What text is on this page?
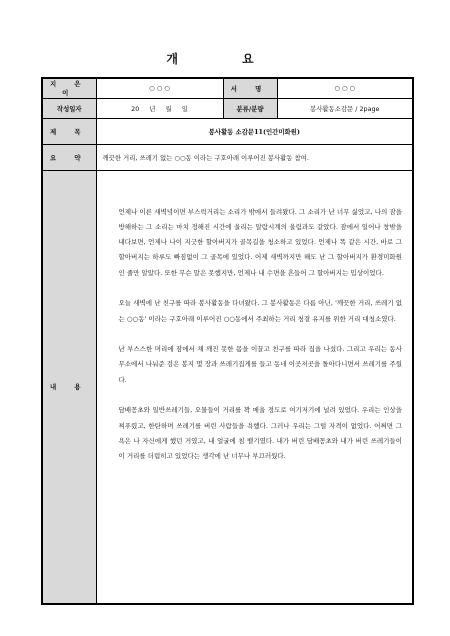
개 요
지 은 이	○ ○ ○	서 명	○ ○ ○
작성일자	20 년 월 일	분류/분량	봉사활동소감문 / 2page
제 목	봉사활동 소감문11(인간미화원)		
요 약	깨끗한 거리, 쓰레기 없는 ○○동 이라는 구호아래 이루어진 봉사활동 참여.		
내 용	언제나 이른 새벽녘이면 부스럭거리는 소리가 밖에서 들려왔다. 그 소리가 난 너무 싫었고, 나의 잠을 방해하는 그 소리는 마치 정해진 시간에 울리는 알람시계의 울림과도 같았다. 잠에서 일어나 창밖을 내다보면, 언제나 나이 지긋한 할아버지가 골목길을 청소하고 있었다. 언제나 똑 같은 시간, 바로 그 할아버지는 하루도 빠짐없이 그 골목에 있었다. 어제 새벽까지만 해도 난 그 할아버지가 환경미화원인 줄만 알았다. 또한 무슨 말은 못했지만, 언제나 내 수면을 흔들어 그 할아버지는 밉상이었다.

오늘 새벽에 난 친구를 따라 봉사활동을 다녀왔다. 그 봉사활동은 다름 아닌, '깨끗한 거리, 쓰레기 없는 ○○동' 이라는 구호아래 이루어진 ○○동에서 주최하는 거리 청결 유지를 위한 거리 대청소였다.

난 부스스한 머리에 잠에서 채 깨진 못한 몸을 이끌고 친구를 따라 집을 나섰다. 그리고 우리는 동사무소에서 나눠준 검은 봉지 몇 장과 쓰레기집게를 들고 동네 이곳저곳을 돌아다니면서 쓰레기를 주웠다.

담배꽁초와 일반쓰레기들, 오물들이 거리를 꽉 메울 정도로 여기저기에 널려 있었다. 우리는 인상을 찌푸렸고, 한탄하며 쓰레기를 버린 사람들을 욕했다. 그러나 우리는 그럴 자격이 없었다. 어쩌면 그 욕은 나 자신에게 했던 거였고, 내 얼굴에 침 뱉기였다. 내가 버린 담배꽁초와 내가 버린 쓰레기들이 이 거리를 더럽히고 있었다는 생각에 난 너무나 부끄러웠다.		
